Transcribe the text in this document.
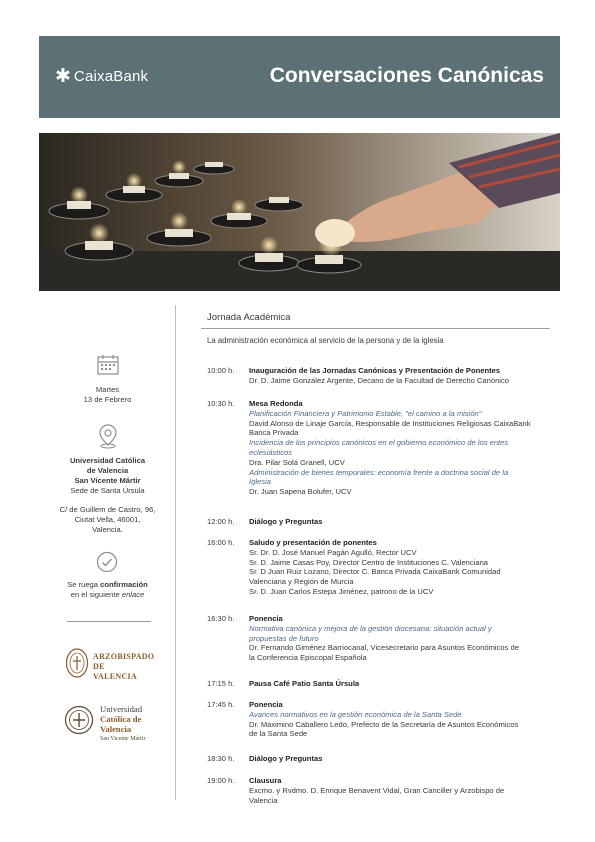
✱ CaixaBank	Conversaciones Canónicas
Martes
13 de Febrero
Universidad Católica
de Valencia
San Vicente Mártir
Sede de Santa Úrsula
C/ de Guillem de Castro, 96,
Ciutat Vella, 46001,
Valencia.
Se ruega confirmación
en el siguiente enlace
ARZOBISPADO
DE
VALENCIA
Universidad
Católica de
Valencia
San Vicente Mártir
Jornada Académica
La administración económica al servicio de la persona y de la iglesia
10:00 h. Inauguración de las Jornadas Canónicas y Presentación de Ponentes
Dr. D. Jaime González Argente, Decano de la Facultad de Derecho Canónico
10:30 h. Mesa Redonda
Planificación Financiera y Patrimonio Estable, "el camino a la misión"
David Alonso de Linaje García, Responsable de Instituciones Religiosas CaixaBank
Banca Privada
Incidencia de los principios canónicos en el gobierno económico de los entes
eclesiásticos
Dra. Pilar Solá Granell, UCV
Administración de bienes temporales: economía frente a doctrina social de la
Iglesia
Dr. Juan Sapena Bolufer, UCV
12:00 h. Diálogo y Preguntas
16:00 h. Saludo y presentación de ponentes
Sr. Dr. D. José Manuel Pagán Agulló, Rector UCV
Sr. D. Jaime Casas Poy, Director Centro de Instituciones C. Valenciana
Sr. D Juan Ruiz Lozano, Director C. Banca Privada CaixaBank Comunidad
Valenciana y Región de Murcia
Sr. D. Juan Carlos Estepa Jiménez, patrono de la UCV
16:30 h. Ponencia
Normativa canónica y mejora de la gestión diocesana: situación actual y
propuestas de futuro
Dr. Fernando Giménez Barriocanal, Vicesecretario para Asuntos Económicos de
la Conferencia Episcopal Española
17:15 h. Pausa Café Patio Santa Úrsula
17:45 h. Ponencia
Avances normativos en la gestión económica de la Santa Sede
Dr. Maximino Caballero Ledo, Prefecto de la Secretaría de Asuntos Económicos
de la Santa Sede
18:30 h. Diálogo y Preguntas
19:00 h. Clausura
Excmo. y Rvdmo. D. Enrique Benavent Vidal, Gran Canciller y Arzobispo de
Valencia
